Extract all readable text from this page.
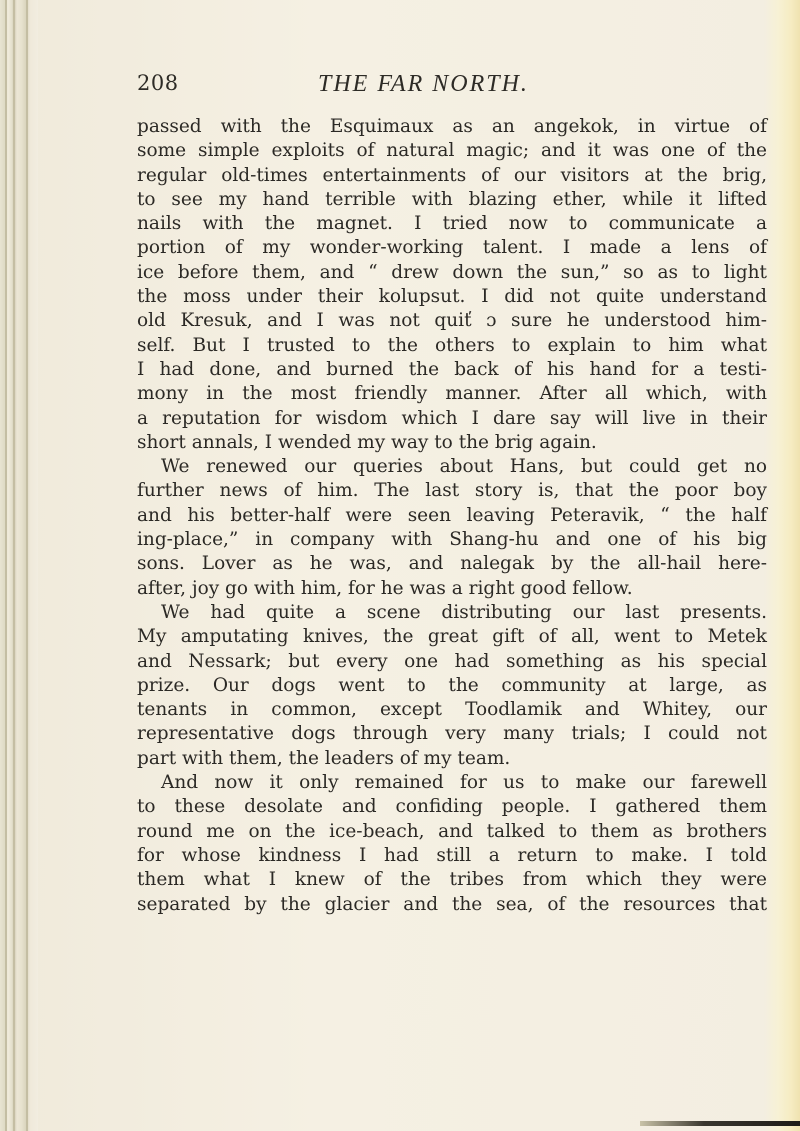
208	THE FAR NORTH.
passed with the Esquimaux as an angekok, in virtue of
some simple exploits of natural magic; and it was one of the
regular old-times entertainments of our visitors at the brig,
to see my hand terrible with blazing ether, while it lifted
nails with the magnet. I tried now to communicate a
portion of my wonder-working talent. I made a lens of
ice before them, and “ drew down the sun,” so as to light
the moss under their kolupsut. I did not quite understand
old Kresuk, and I was not quiť ɔ sure he understood him-
self. But I trusted to the others to explain to him what
I had done, and burned the back of his hand for a testi-
mony in the most friendly manner. After all which, with
a reputation for wisdom which I dare say will live in their
short annals, I wended my way to the brig again.
We renewed our queries about Hans, but could get no
further news of him. The last story is, that the poor boy
and his better-half were seen leaving Peteravik, “ the half
ing-place,” in company with Shang-hu and one of his big
sons. Lover as he was, and nalegak by the all-hail here-
after, joy go with him, for he was a right good fellow.
We had quite a scene distributing our last presents.
My amputating knives, the great gift of all, went to Metek
and Nessark; but every one had something as his special
prize. Our dogs went to the community at large, as
tenants in common, except Toodlamik and Whitey, our
representative dogs through very many trials; I could not
part with them, the leaders of my team.
And now it only remained for us to make our farewell
to these desolate and confiding people. I gathered them
round me on the ice-beach, and talked to them as brothers
for whose kindness I had still a return to make. I told
them what I knew of the tribes from which they were
separated by the glacier and the sea, of the resources that
